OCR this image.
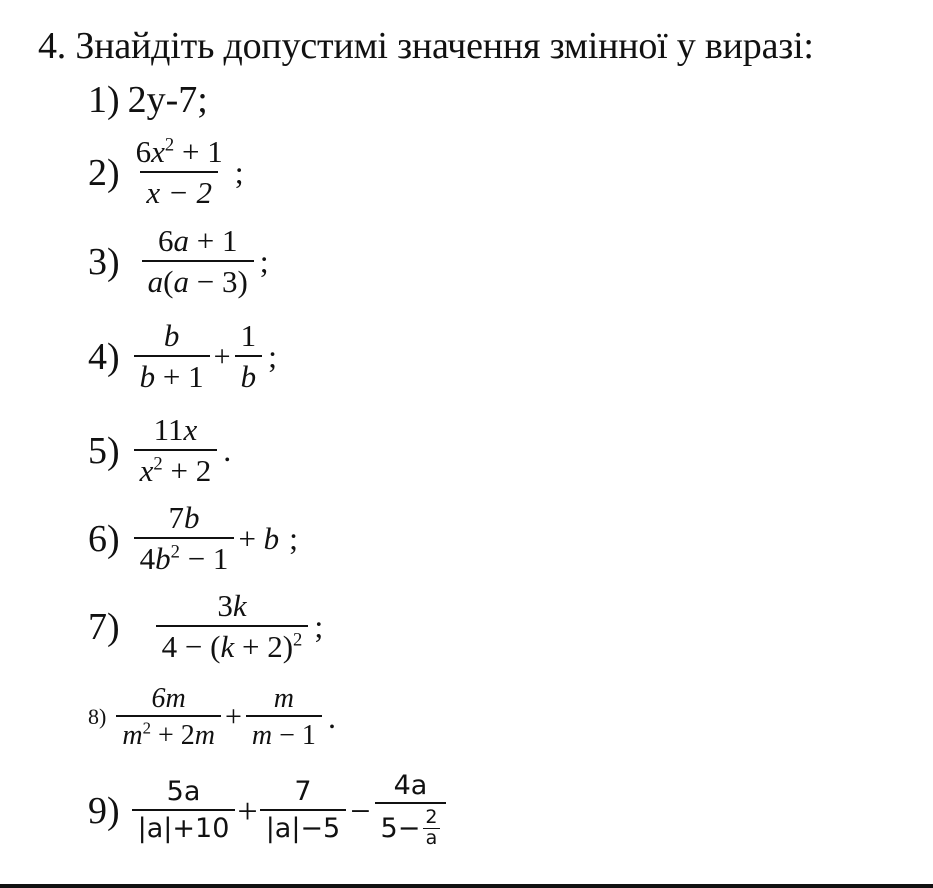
4. Знайдіть допустимі значення змінної у виразі:
1) 2y-7;
$2) \frac{6x^2 + 1}{x - 2}$ ;
$3) \frac{6a + 1}{a(a - 3)}$ ;
$4) \frac{b}{b + 1} + \frac{1}{b}$ ;
$5) \frac{11x}{x^2 + 2}$ .
$6) \frac{7b}{4b^2 - 1} + b$ ;
$7) \frac{3k}{4 - (k + 2)^2}$ ;
$8) \frac{6m}{m^2 + 2m} + \frac{m}{m - 1}$ .
$9) \frac{5a}{|a|+10} + \frac{7}{|a|-5} - \frac{4a}{5- \frac{2}{a}}$
